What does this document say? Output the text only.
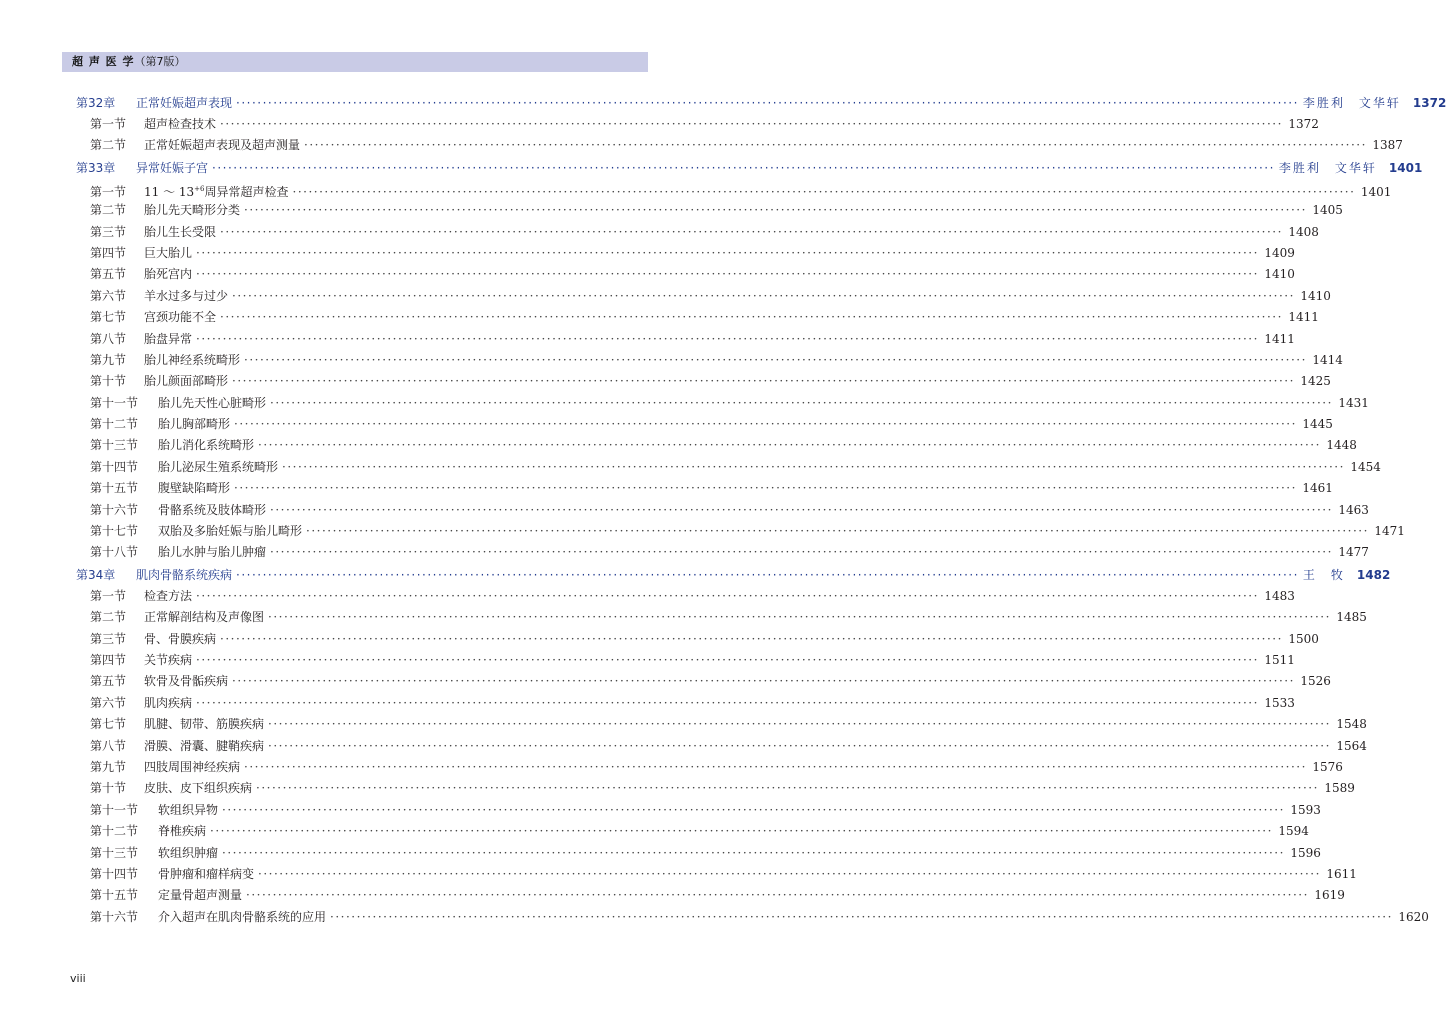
超 声 医 学（第7版）
第32章	正常妊娠超声表现 ········································································································································································································ 李胜利　文华轩 1372
第一节	超声检查技术 ········································································································································································································ 1372
第二节	正常妊娠超声表现及超声测量 ········································································································································································································ 1387
第33章	异常妊娠子宫 ········································································································································································································ 李胜利　文华轩 1401
第一节	11 ～ $13^{+6}$周异常超声检查 ········································································································································································································ 1401
第二节	胎儿先天畸形分类 ········································································································································································································ 1405
第三节	胎儿生长受限 ········································································································································································································ 1408
第四节	巨大胎儿 ········································································································································································································ 1409
第五节	胎死宫内 ········································································································································································································ 1410
第六节	羊水过多与过少 ········································································································································································································ 1410
第七节	宫颈功能不全 ········································································································································································································ 1411
第八节	胎盘异常 ········································································································································································································ 1411
第九节	胎儿神经系统畸形 ········································································································································································································ 1414
第十节	胎儿颜面部畸形 ········································································································································································································ 1425
第十一节	胎儿先天性心脏畸形 ········································································································································································································ 1431
第十二节	胎儿胸部畸形 ········································································································································································································ 1445
第十三节	胎儿消化系统畸形 ········································································································································································································ 1448
第十四节	胎儿泌尿生殖系统畸形 ········································································································································································································ 1454
第十五节	腹壁缺陷畸形 ········································································································································································································ 1461
第十六节	骨骼系统及肢体畸形 ········································································································································································································ 1463
第十七节	双胎及多胎妊娠与胎儿畸形 ········································································································································································································ 1471
第十八节	胎儿水肿与胎儿肿瘤 ········································································································································································································ 1477
第34章	肌肉骨骼系统疾病 ········································································································································································································ 王　牧 1482
第一节	检查方法 ········································································································································································································ 1483
第二节	正常解剖结构及声像图 ········································································································································································································ 1485
第三节	骨、骨膜疾病 ········································································································································································································ 1500
第四节	关节疾病 ········································································································································································································ 1511
第五节	软骨及骨骺疾病 ········································································································································································································ 1526
第六节	肌肉疾病 ········································································································································································································ 1533
第七节	肌腱、韧带、筋膜疾病 ········································································································································································································ 1548
第八节	滑膜、滑囊、腱鞘疾病 ········································································································································································································ 1564
第九节	四肢周围神经疾病 ········································································································································································································ 1576
第十节	皮肤、皮下组织疾病 ········································································································································································································ 1589
第十一节	软组织异物 ········································································································································································································ 1593
第十二节	脊椎疾病 ········································································································································································································ 1594
第十三节	软组织肿瘤 ········································································································································································································ 1596
第十四节	骨肿瘤和瘤样病变 ········································································································································································································ 1611
第十五节	定量骨超声测量 ········································································································································································································ 1619
第十六节	介入超声在肌肉骨骼系统的应用 ········································································································································································································ 1620
viii
